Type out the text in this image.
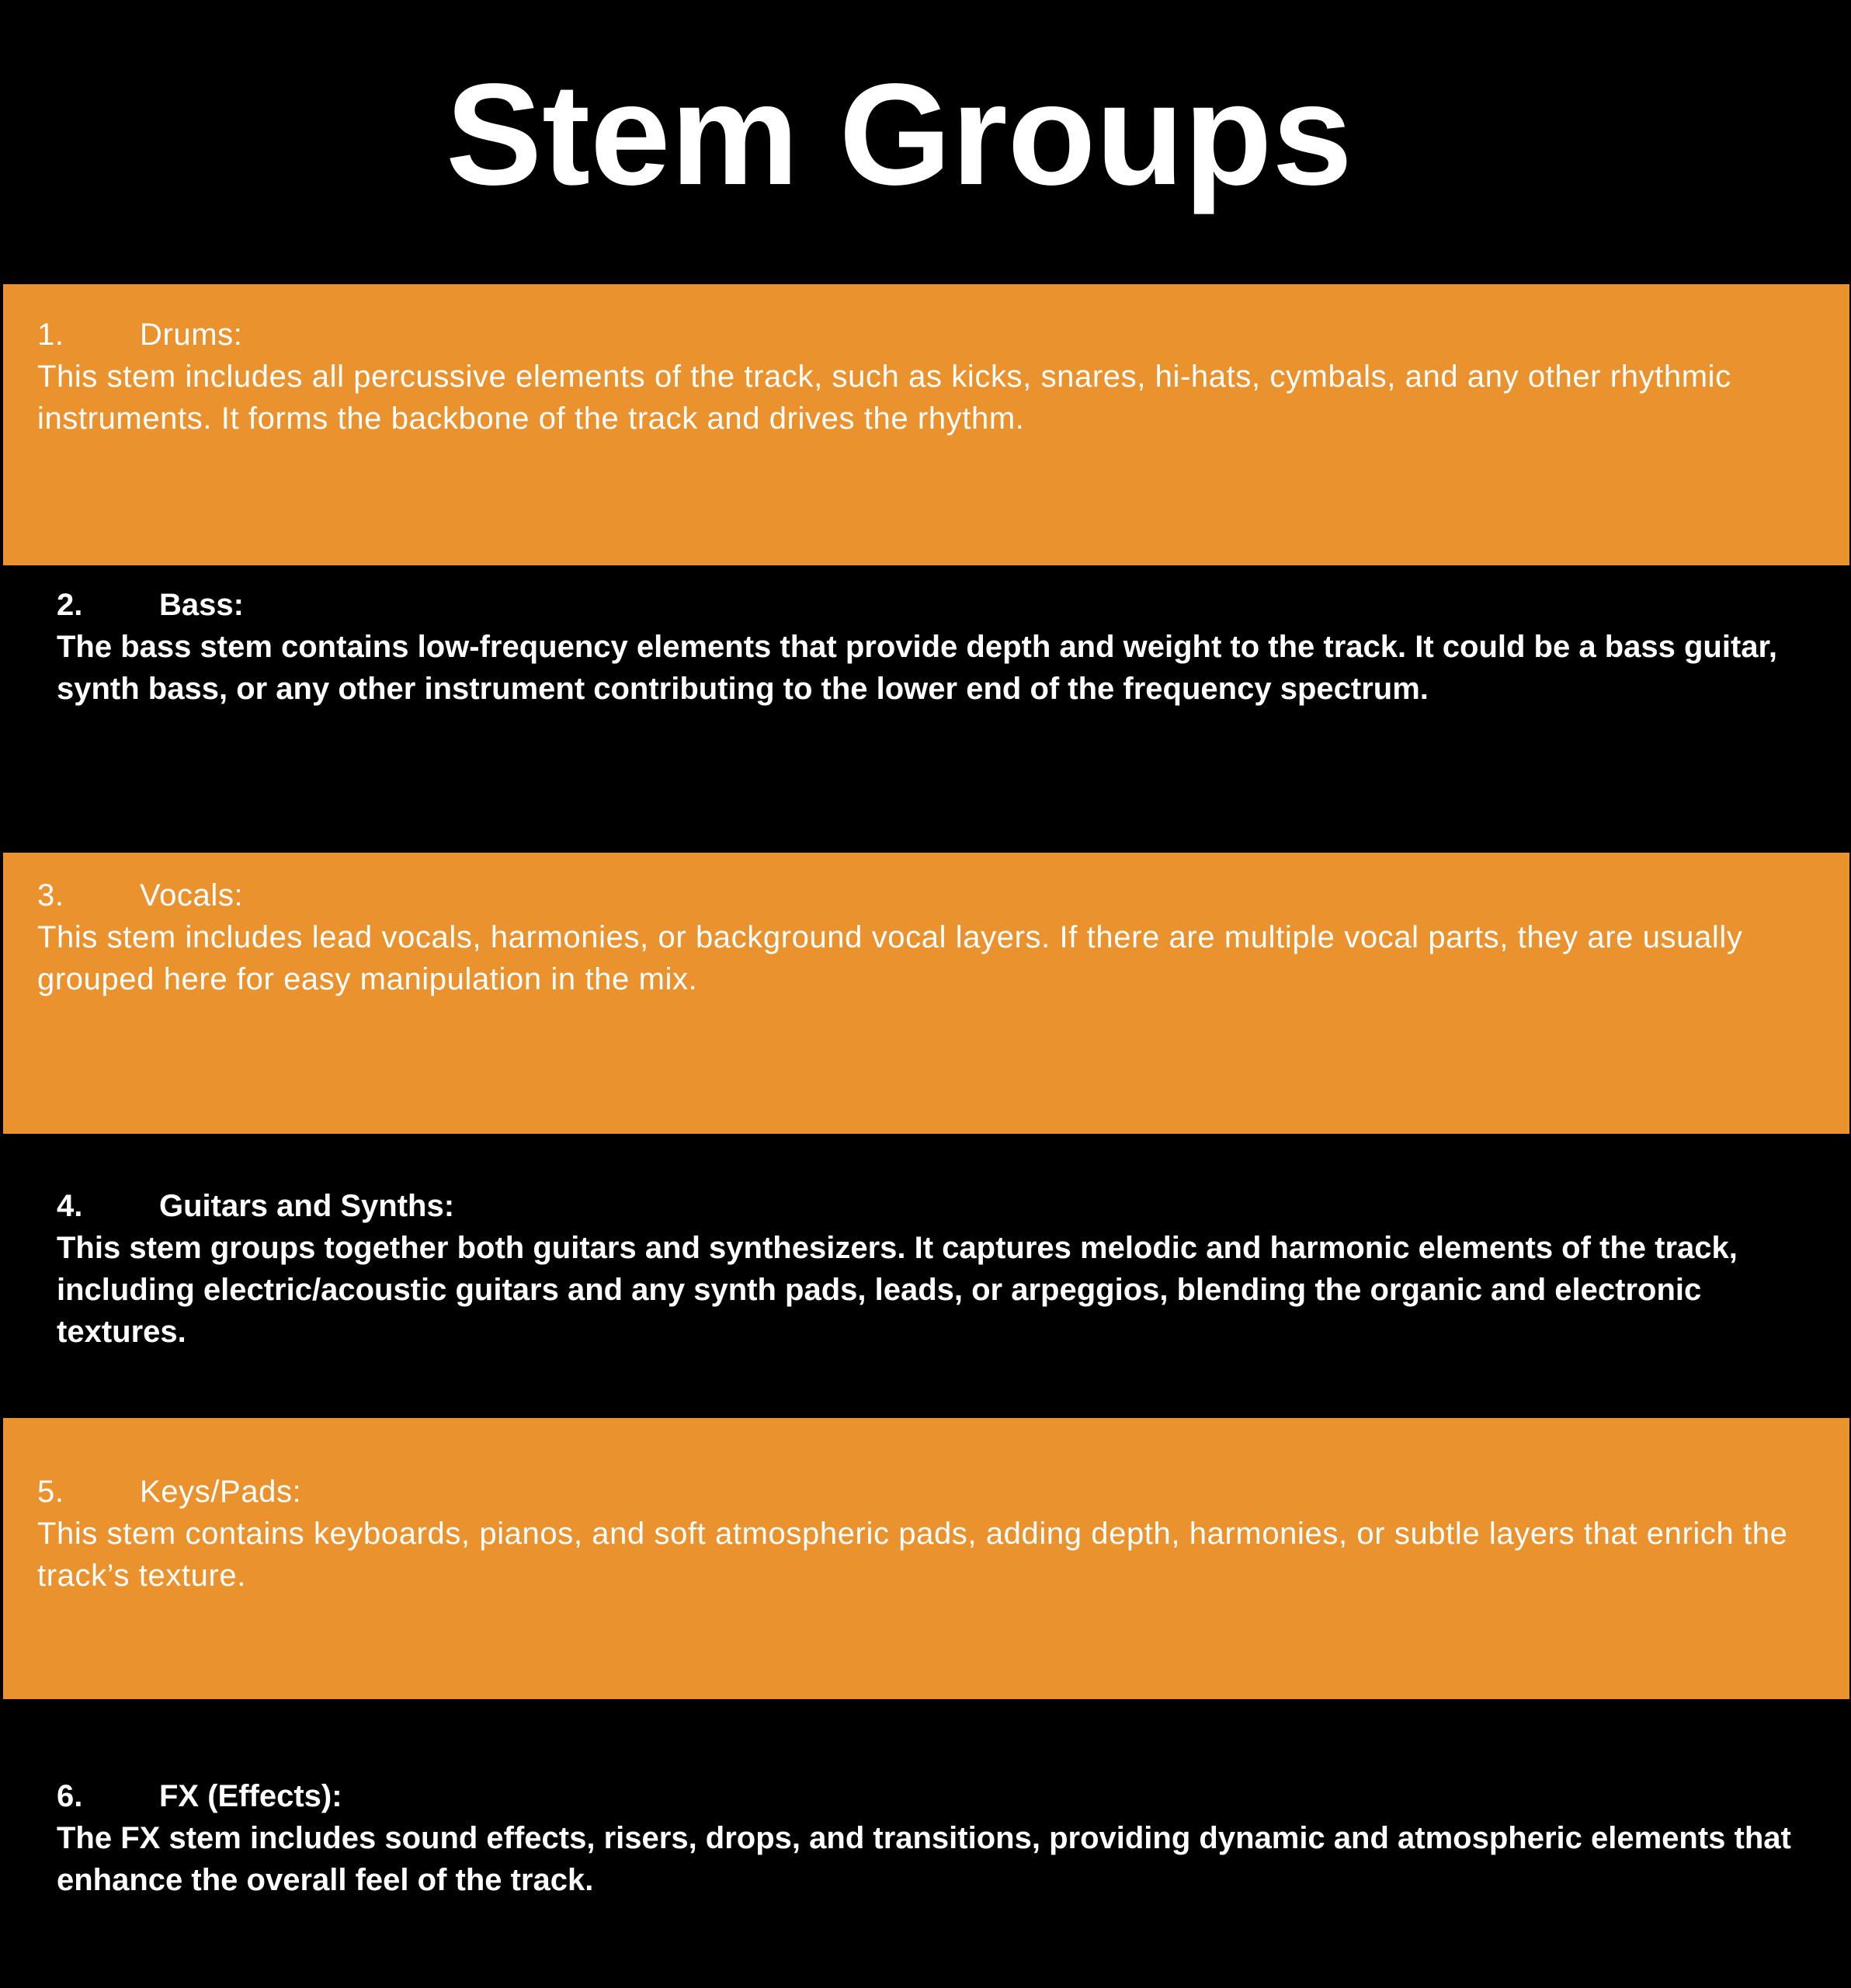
Stem Groups
1.	Drums:

This stem includes all percussive elements of the track, such as kicks, snares, hi-hats, cymbals, and any other rhythmic instruments. It forms the backbone of the track and drives the rhythm.

2.	Bass:

The bass stem contains low-frequency elements that provide depth and weight to the track. It could be a bass guitar, synth bass, or any other instrument contributing to the lower end of the frequency spectrum.

3.	Vocals:

This stem includes lead vocals, harmonies, or background vocal layers. If there are multiple vocal parts, they are usually grouped here for easy manipulation in the mix.

4.	Guitars and Synths:

This stem groups together both guitars and synthesizers. It captures melodic and harmonic elements of the track, including electric/acoustic guitars and any synth pads, leads, or arpeggios, blending the organic and electronic textures.

5.	Keys/Pads:

This stem contains keyboards, pianos, and soft atmospheric pads, adding depth, harmonies, or subtle layers that enrich the track’s texture.

6.	FX (Effects):

The FX stem includes sound effects, risers, drops, and transitions, providing dynamic and atmospheric elements that enhance the overall feel of the track.
